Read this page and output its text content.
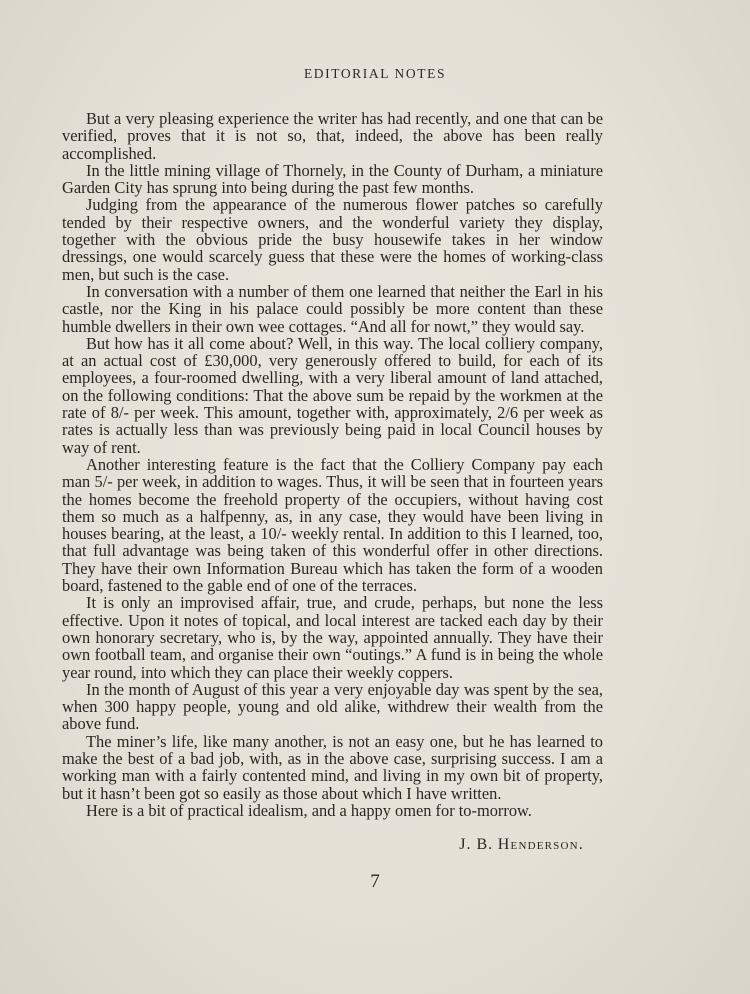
EDITORIAL NOTES

But a very pleasing experience the writer has had recently, and one that can be verified, proves that it is not so, that, indeed, the above has been really accomplished.

In the little mining village of Thornely, in the County of Durham, a miniature Garden City has sprung into being during the past few months.

Judging from the appearance of the numerous flower patches so carefully tended by their respective owners, and the wonderful variety they display, together with the obvious pride the busy housewife takes in her window dressings, one would scarcely guess that these were the homes of working-class men, but such is the case.

In conversation with a number of them one learned that neither the Earl in his castle, nor the King in his palace could possibly be more content than these humble dwellers in their own wee cottages. “And all for nowt,” they would say.

But how has it all come about? Well, in this way. The local colliery company, at an actual cost of £30,000, very generously offered to build, for each of its employees, a four-roomed dwelling, with a very liberal amount of land attached, on the following conditions: That the above sum be repaid by the workmen at the rate of 8/- per week. This amount, together with, approximately, 2/6 per week as rates is actually less than was previously being paid in local Council houses by way of rent.

Another interesting feature is the fact that the Colliery Company pay each man 5/- per week, in addition to wages. Thus, it will be seen that in fourteen years the homes become the freehold property of the occupiers, without having cost them so much as a halfpenny, as, in any case, they would have been living in houses bearing, at the least, a 10/- weekly rental. In addition to this I learned, too, that full advantage was being taken of this wonderful offer in other directions. They have their own Information Bureau which has taken the form of a wooden board, fastened to the gable end of one of the terraces.

It is only an improvised affair, true, and crude, perhaps, but none the less effective. Upon it notes of topical, and local interest are tacked each day by their own honorary secretary, who is, by the way, appointed annually. They have their own football team, and organise their own “outings.” A fund is in being the whole year round, into which they can place their weekly coppers.

In the month of August of this year a very enjoyable day was spent by the sea, when 300 happy people, young and old alike, withdrew their wealth from the above fund.

The miner’s life, like many another, is not an easy one, but he has learned to make the best of a bad job, with, as in the above case, surprising success. I am a working man with a fairly contented mind, and living in my own bit of property, but it hasn’t been got so easily as those about which I have written.

Here is a bit of practical idealism, and a happy omen for to-morrow.

J. B. Henderson.
7
